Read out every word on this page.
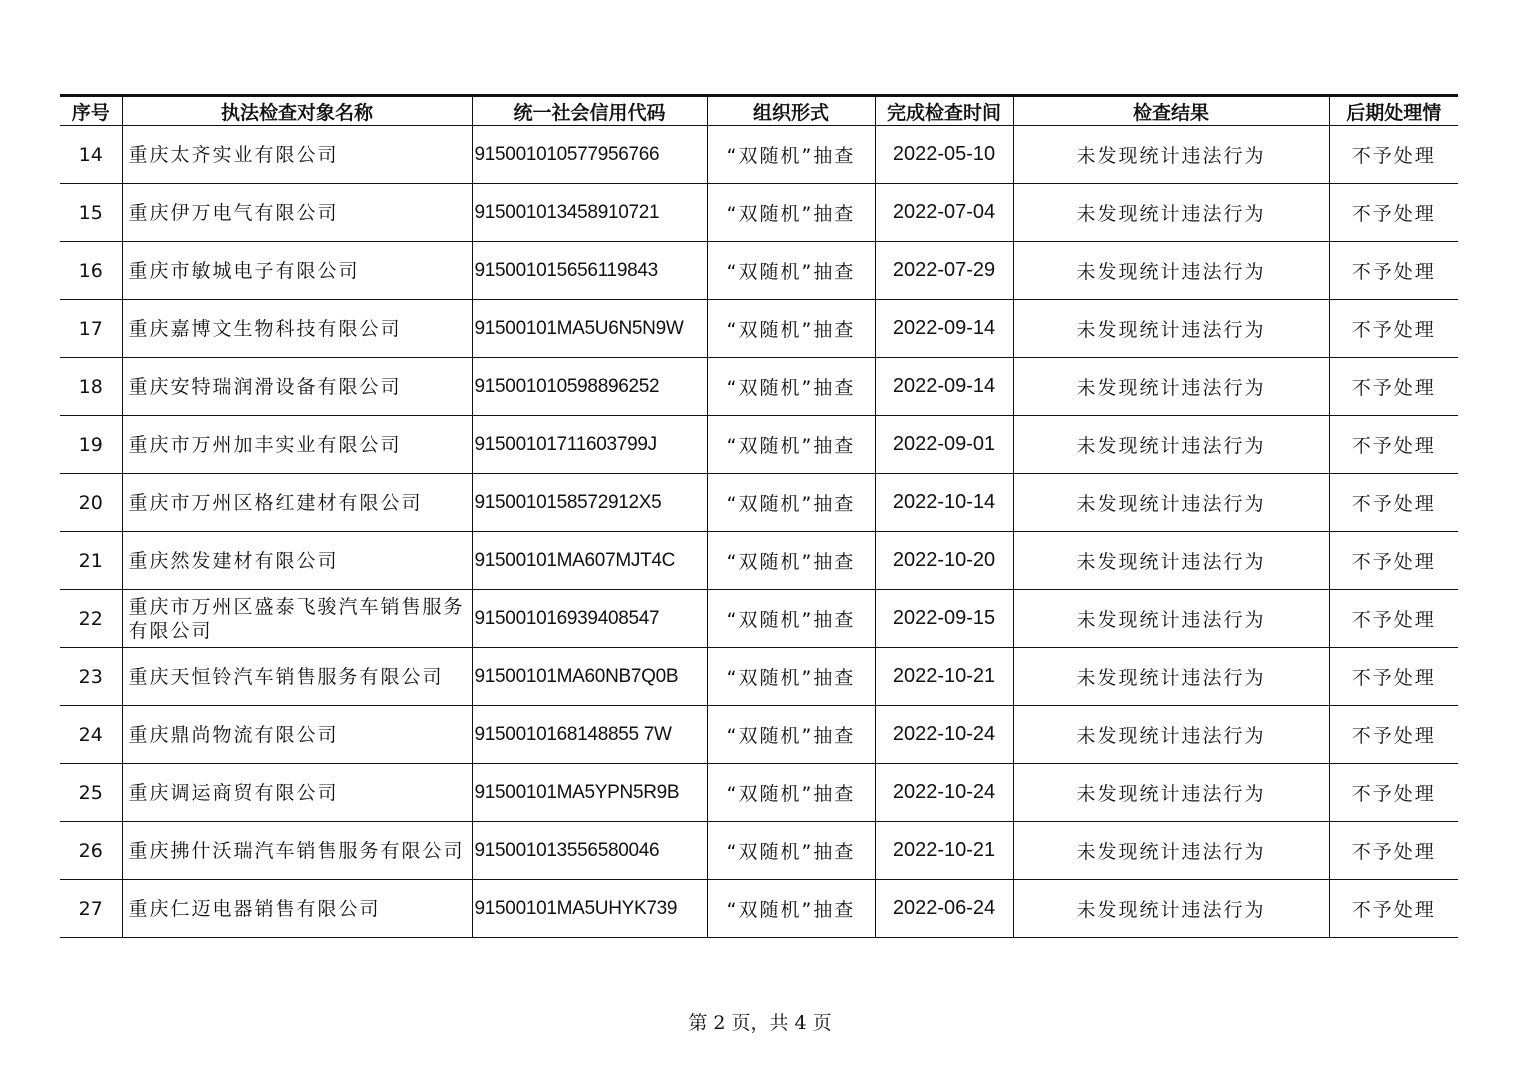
序号	执法检查对象名称	统一社会信用代码	组织形式	完成检查时间	检查结果	后期处理情
14	重庆太齐实业有限公司	915001010577956766	“双随机”抽查	2022-05-10	未发现统计违法行为	不予处理
15	重庆伊万电气有限公司	915001013458910721	“双随机”抽查	2022-07-04	未发现统计违法行为	不予处理
16	重庆市敏城电子有限公司	915001015656119843	“双随机”抽查	2022-07-29	未发现统计违法行为	不予处理
17	重庆嘉博文生物科技有限公司	91500101MA5U6N5N9W	“双随机”抽查	2022-09-14	未发现统计违法行为	不予处理
18	重庆安特瑞润滑设备有限公司	915001010598896252	“双随机”抽查	2022-09-14	未发现统计违法行为	不予处理
19	重庆市万州加丰实业有限公司	91500101711603799J	“双随机”抽查	2022-09-01	未发现统计违法行为	不予处理
20	重庆市万州区格红建材有限公司	9150010158572912X5	“双随机”抽查	2022-10-14	未发现统计违法行为	不予处理
21	重庆然发建材有限公司	91500101MA607MJT4C	“双随机”抽查	2022-10-20	未发现统计违法行为	不予处理
22	重庆市万州区盛泰飞骏汽车销售服务有限公司	915001016939408547	“双随机”抽查	2022-09-15	未发现统计违法行为	不予处理
23	重庆天恒铃汽车销售服务有限公司	91500101MA60NB7Q0B	“双随机”抽查	2022-10-21	未发现统计违法行为	不予处理
24	重庆鼎尚物流有限公司	9150010168148855 7W	“双随机”抽查	2022-10-24	未发现统计违法行为	不予处理
25	重庆调运商贸有限公司	91500101MA5YPN5R9B	“双随机”抽查	2022-10-24	未发现统计违法行为	不予处理
26	重庆拂什沃瑞汽车销售服务有限公司	915001013556580046	“双随机”抽查	2022-10-21	未发现统计违法行为	不予处理
27	重庆仁迈电器销售有限公司	91500101MA5UHYK739	“双随机”抽查	2022-06-24	未发现统计违法行为	不予处理
第 2 页，共 4 页
